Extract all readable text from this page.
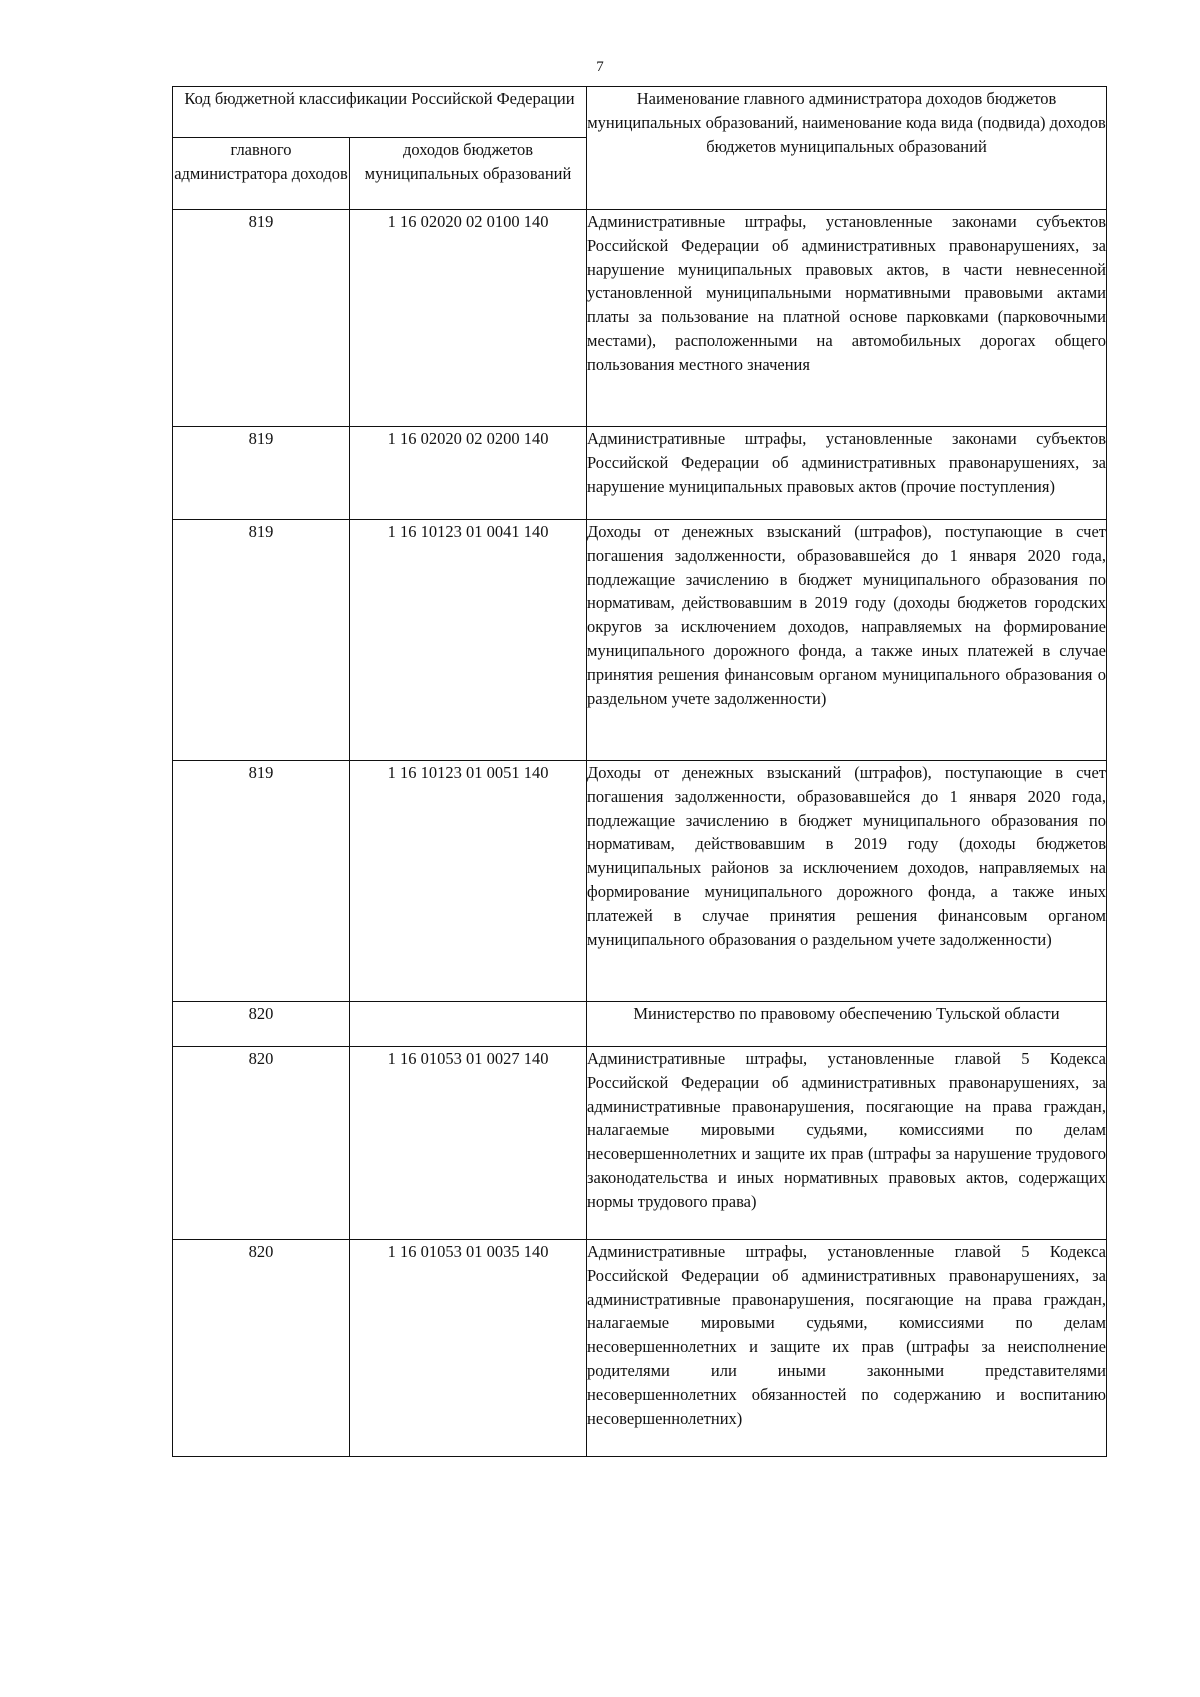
7
Код бюджетной классификации Российской Федерации		Наименование главного администратора доходов бюджетов муниципальных образований, наименование кода вида (подвида) доходов бюджетов муниципальных образований
главного администратора доходов	доходов бюджетов муниципальных образований	
819	1 16 02020 02 0100 140	Административные штрафы, установленные законами субъектов Российской Федерации об административных правонарушениях, за нарушение муниципальных правовых актов, в части невнесенной установленной муниципальными нормативными правовыми актами платы за пользование на платной основе парковками (парковочными местами), расположенными на автомобильных дорогах общего пользования местного значения
819	1 16 02020 02 0200 140	Административные штрафы, установленные законами субъектов Российской Федерации об административных правонарушениях, за нарушение муниципальных правовых актов (прочие поступления)
819	1 16 10123 01 0041 140	Доходы от денежных взысканий (штрафов), поступающие в счет погашения задолженности, образовавшейся до 1 января 2020 года, подлежащие зачислению в бюджет муниципального образования по нормативам, действовавшим в 2019 году (доходы бюджетов городских округов за исключением доходов, направляемых на формирование муниципального дорожного фонда, а также иных платежей в случае принятия решения финансовым органом муниципального образования о раздельном учете задолженности)
819	1 16 10123 01 0051 140	Доходы от денежных взысканий (штрафов), поступающие в счет погашения задолженности, образовавшейся до 1 января 2020 года, подлежащие зачислению в бюджет муниципального образования по нормативам, действовавшим в 2019 году (доходы бюджетов муниципальных районов за исключением доходов, направляемых на формирование муниципального дорожного фонда, а также иных платежей в случае принятия решения финансовым органом муниципального образования о раздельном учете задолженности)
820		Министерство по правовому обеспечению Тульской области
820	1 16 01053 01 0027 140	Административные штрафы, установленные главой 5 Кодекса Российской Федерации об административных правонарушениях, за административные правонарушения, посягающие на права граждан, налагаемые мировыми судьями, комиссиями по делам несовершеннолетних и защите их прав (штрафы за нарушение трудового законодательства и иных нормативных правовых актов, содержащих нормы трудового права)
820	1 16 01053 01 0035 140	Административные штрафы, установленные главой 5 Кодекса Российской Федерации об административных правонарушениях, за административные правонарушения, посягающие на права граждан, налагаемые мировыми судьями, комиссиями по делам несовершеннолетних и защите их прав (штрафы за неисполнение родителями или иными законными представителями несовершеннолетних обязанностей по содержанию и воспитанию несовершеннолетних)
